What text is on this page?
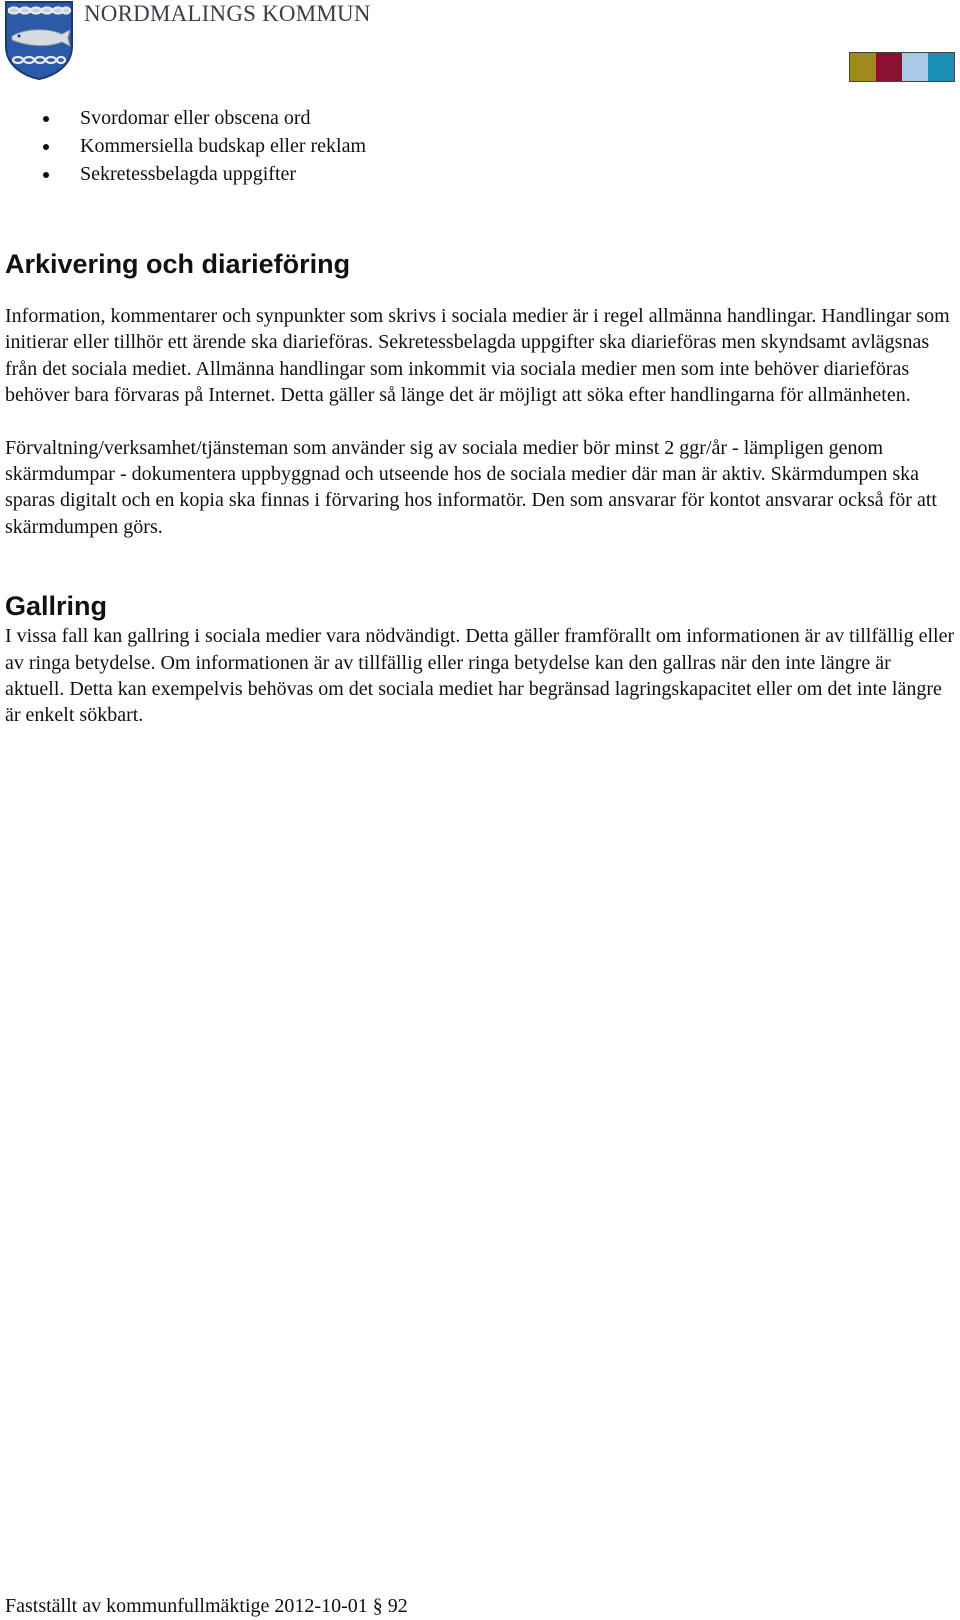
NORDMALINGS KOMMUN
Svordomar eller obscena ord
Kommersiella budskap eller reklam
Sekretessbelagda uppgifter
Arkivering och diarieföring

Information, kommentarer och synpunkter som skrivs i sociala medier är i regel allmänna handlingar. Handlingar som initierar eller tillhör ett ärende ska diarieföras. Sekretessbelagda uppgifter ska diarieföras men skyndsamt avlägsnas från det sociala mediet. Allmänna handlingar som inkommit via sociala medier men som inte behöver diarieföras behöver bara förvaras på Internet. Detta gäller så länge det är möjligt att söka efter handlingarna för allmänheten.

Förvaltning/verksamhet/tjänsteman som använder sig av sociala medier bör minst 2 ggr/år - lämpligen genom skärmdumpar - dokumentera uppbyggnad och utseende hos de sociala medier där man är aktiv. Skärmdumpen ska sparas digitalt och en kopia ska finnas i förvaring hos informatör. Den som ansvarar för kontot ansvarar också för att skärmdumpen görs.

Gallring

I vissa fall kan gallring i sociala medier vara nödvändigt. Detta gäller framförallt om informationen är av tillfällig eller av ringa betydelse. Om informationen är av tillfällig eller ringa betydelse kan den gallras när den inte längre är aktuell. Detta kan exempelvis behövas om det sociala mediet har begränsad lagringskapacitet eller om det inte längre är enkelt sökbart.

Fastställt av kommunfullmäktige 2012-10-01 § 92
